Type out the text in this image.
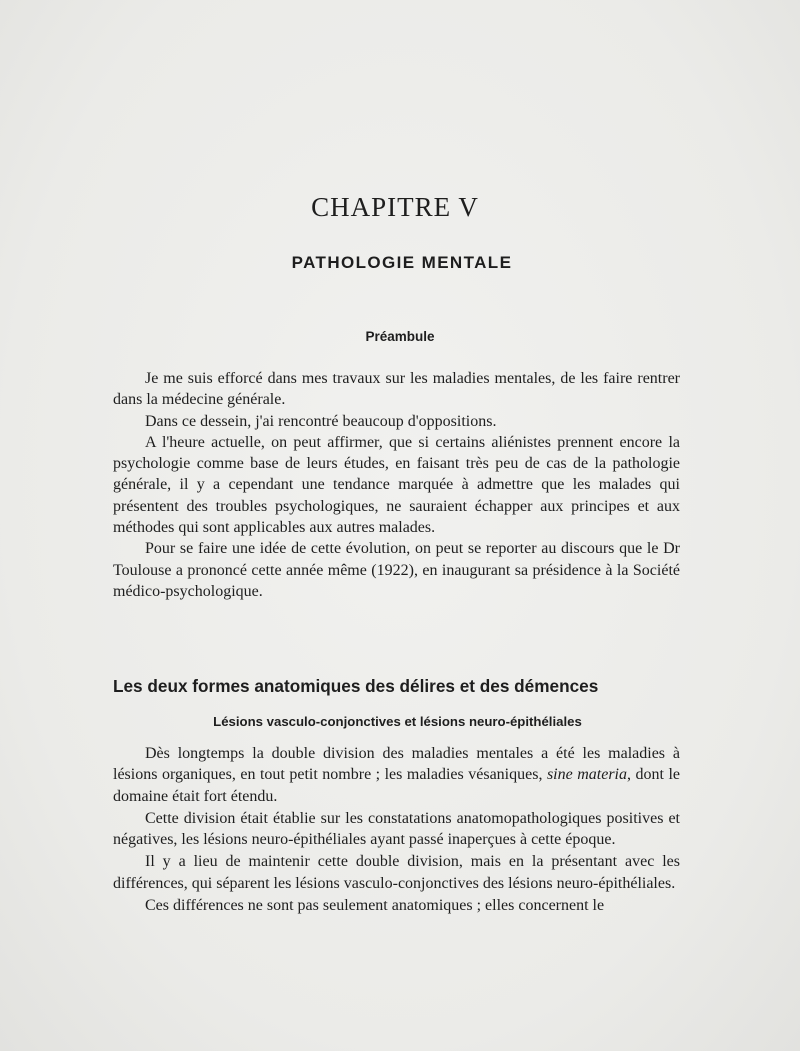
CHAPITRE V
PATHOLOGIE MENTALE
Préambule

Je me suis efforcé dans mes travaux sur les maladies mentales, de les faire rentrer dans la médecine générale.

Dans ce dessein, j'ai rencontré beaucoup d'oppositions.

A l'heure actuelle, on peut affirmer, que si certains aliénistes prennent encore la psychologie comme base de leurs études, en faisant très peu de cas de la pathologie générale, il y a cependant une tendance marquée à admettre que les malades qui présentent des troubles psychologiques, ne sauraient échapper aux principes et aux méthodes qui sont applicables aux autres malades.

Pour se faire une idée de cette évolution, on peut se reporter au discours que le Dr Toulouse a prononcé cette année même (1922), en inaugurant sa présidence à la Société médico-psychologique.

Les deux formes anatomiques des délires et des démences
Lésions vasculo-conjonctives et lésions neuro-épithéliales

Dès longtemps la double division des maladies mentales a été les maladies à lésions organiques, en tout petit nombre ; les maladies vésaniques, sine materia, dont le domaine était fort étendu.

Cette division était établie sur les constatations anatomopathologiques positives et négatives, les lésions neuro-épithéliales ayant passé inaperçues à cette époque.

Il y a lieu de maintenir cette double division, mais en la présentant avec les différences, qui séparent les lésions vasculo-conjonctives des lésions neuro-épithéliales.

Ces différences ne sont pas seulement anatomiques ; elles concernent le
